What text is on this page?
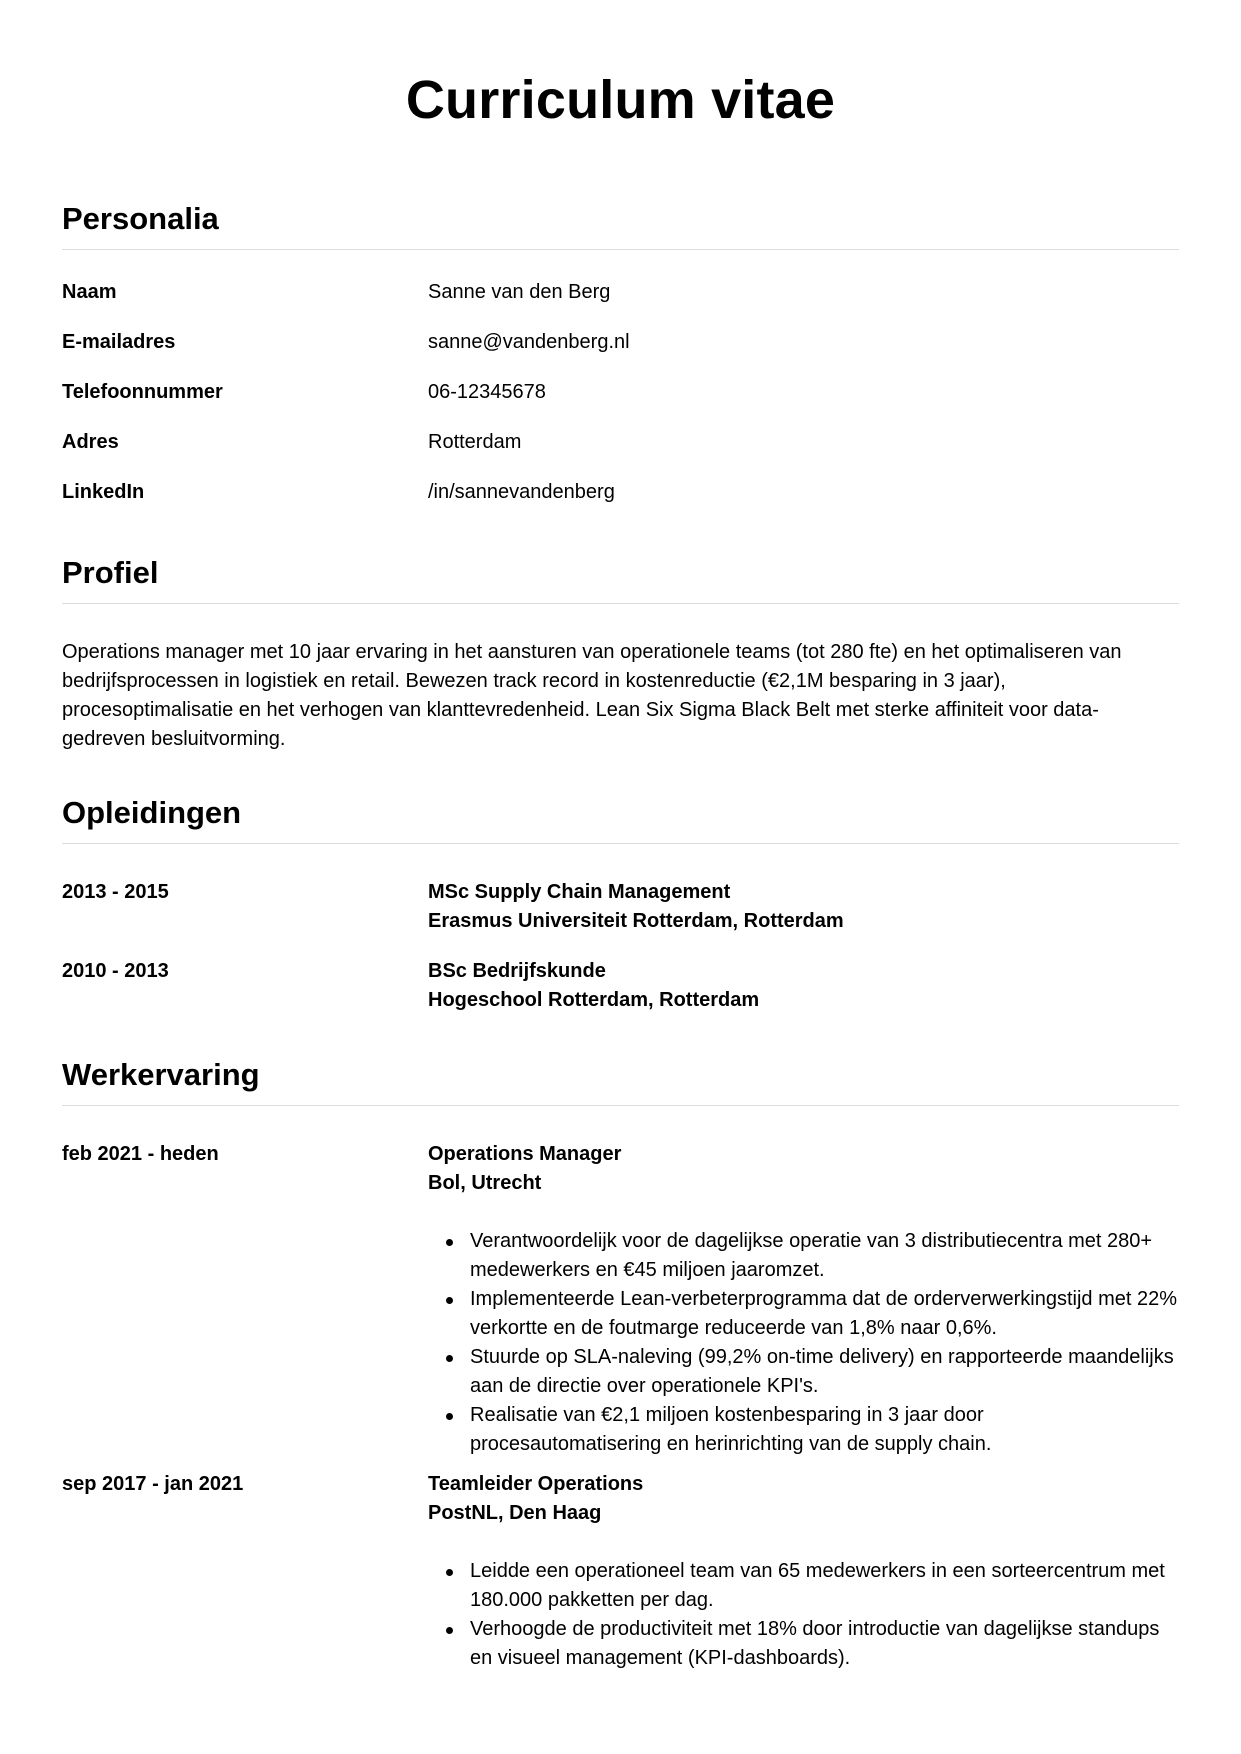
Curriculum vitae
Personalia
Naam	Sanne van den Berg
E-mailadres	sanne@vandenberg.nl
Telefoonnummer	06-12345678
Adres	Rotterdam
LinkedIn	/in/sannevandenberg
Profiel

Operations manager met 10 jaar ervaring in het aansturen van operationele teams (tot 280 fte) en het optimaliseren van bedrijfsprocessen in logistiek en retail. Bewezen track record in kostenreductie (€2,1M besparing in 3 jaar), procesoptimalisatie en het verhogen van klanttevredenheid. Lean Six Sigma Black Belt met sterke affiniteit voor data-gedreven besluitvorming.

Opleidingen
2013 - 2015	MSc Supply Chain Management
Erasmus Universiteit Rotterdam, Rotterdam
2010 - 2013	BSc Bedrijfskunde
Hogeschool Rotterdam, Rotterdam
Werkervaring
feb 2021 - heden	Operations Manager
Bol, Utrecht
Verantwoordelijk voor de dagelijkse operatie van 3 distributiecentra met 280+ medewerkers en €45 miljoen jaaromzet.
Implementeerde Lean-verbeterprogramma dat de orderverwerkingstijd met 22% verkortte en de foutmarge reduceerde van 1,8% naar 0,6%.
Stuurde op SLA-naleving (99,2% on-time delivery) en rapporteerde maandelijks aan de directie over operationele KPI's.
Realisatie van €2,1 miljoen kostenbesparing in 3 jaar door procesautomatisering en herinrichting van de supply chain.
sep 2017 - jan 2021	Teamleider Operations
PostNL, Den Haag
Leidde een operationeel team van 65 medewerkers in een sorteercentrum met 180.000 pakketten per dag.
Verhoogde de productiviteit met 18% door introductie van dagelijkse standups en visueel management (KPI-dashboards).
